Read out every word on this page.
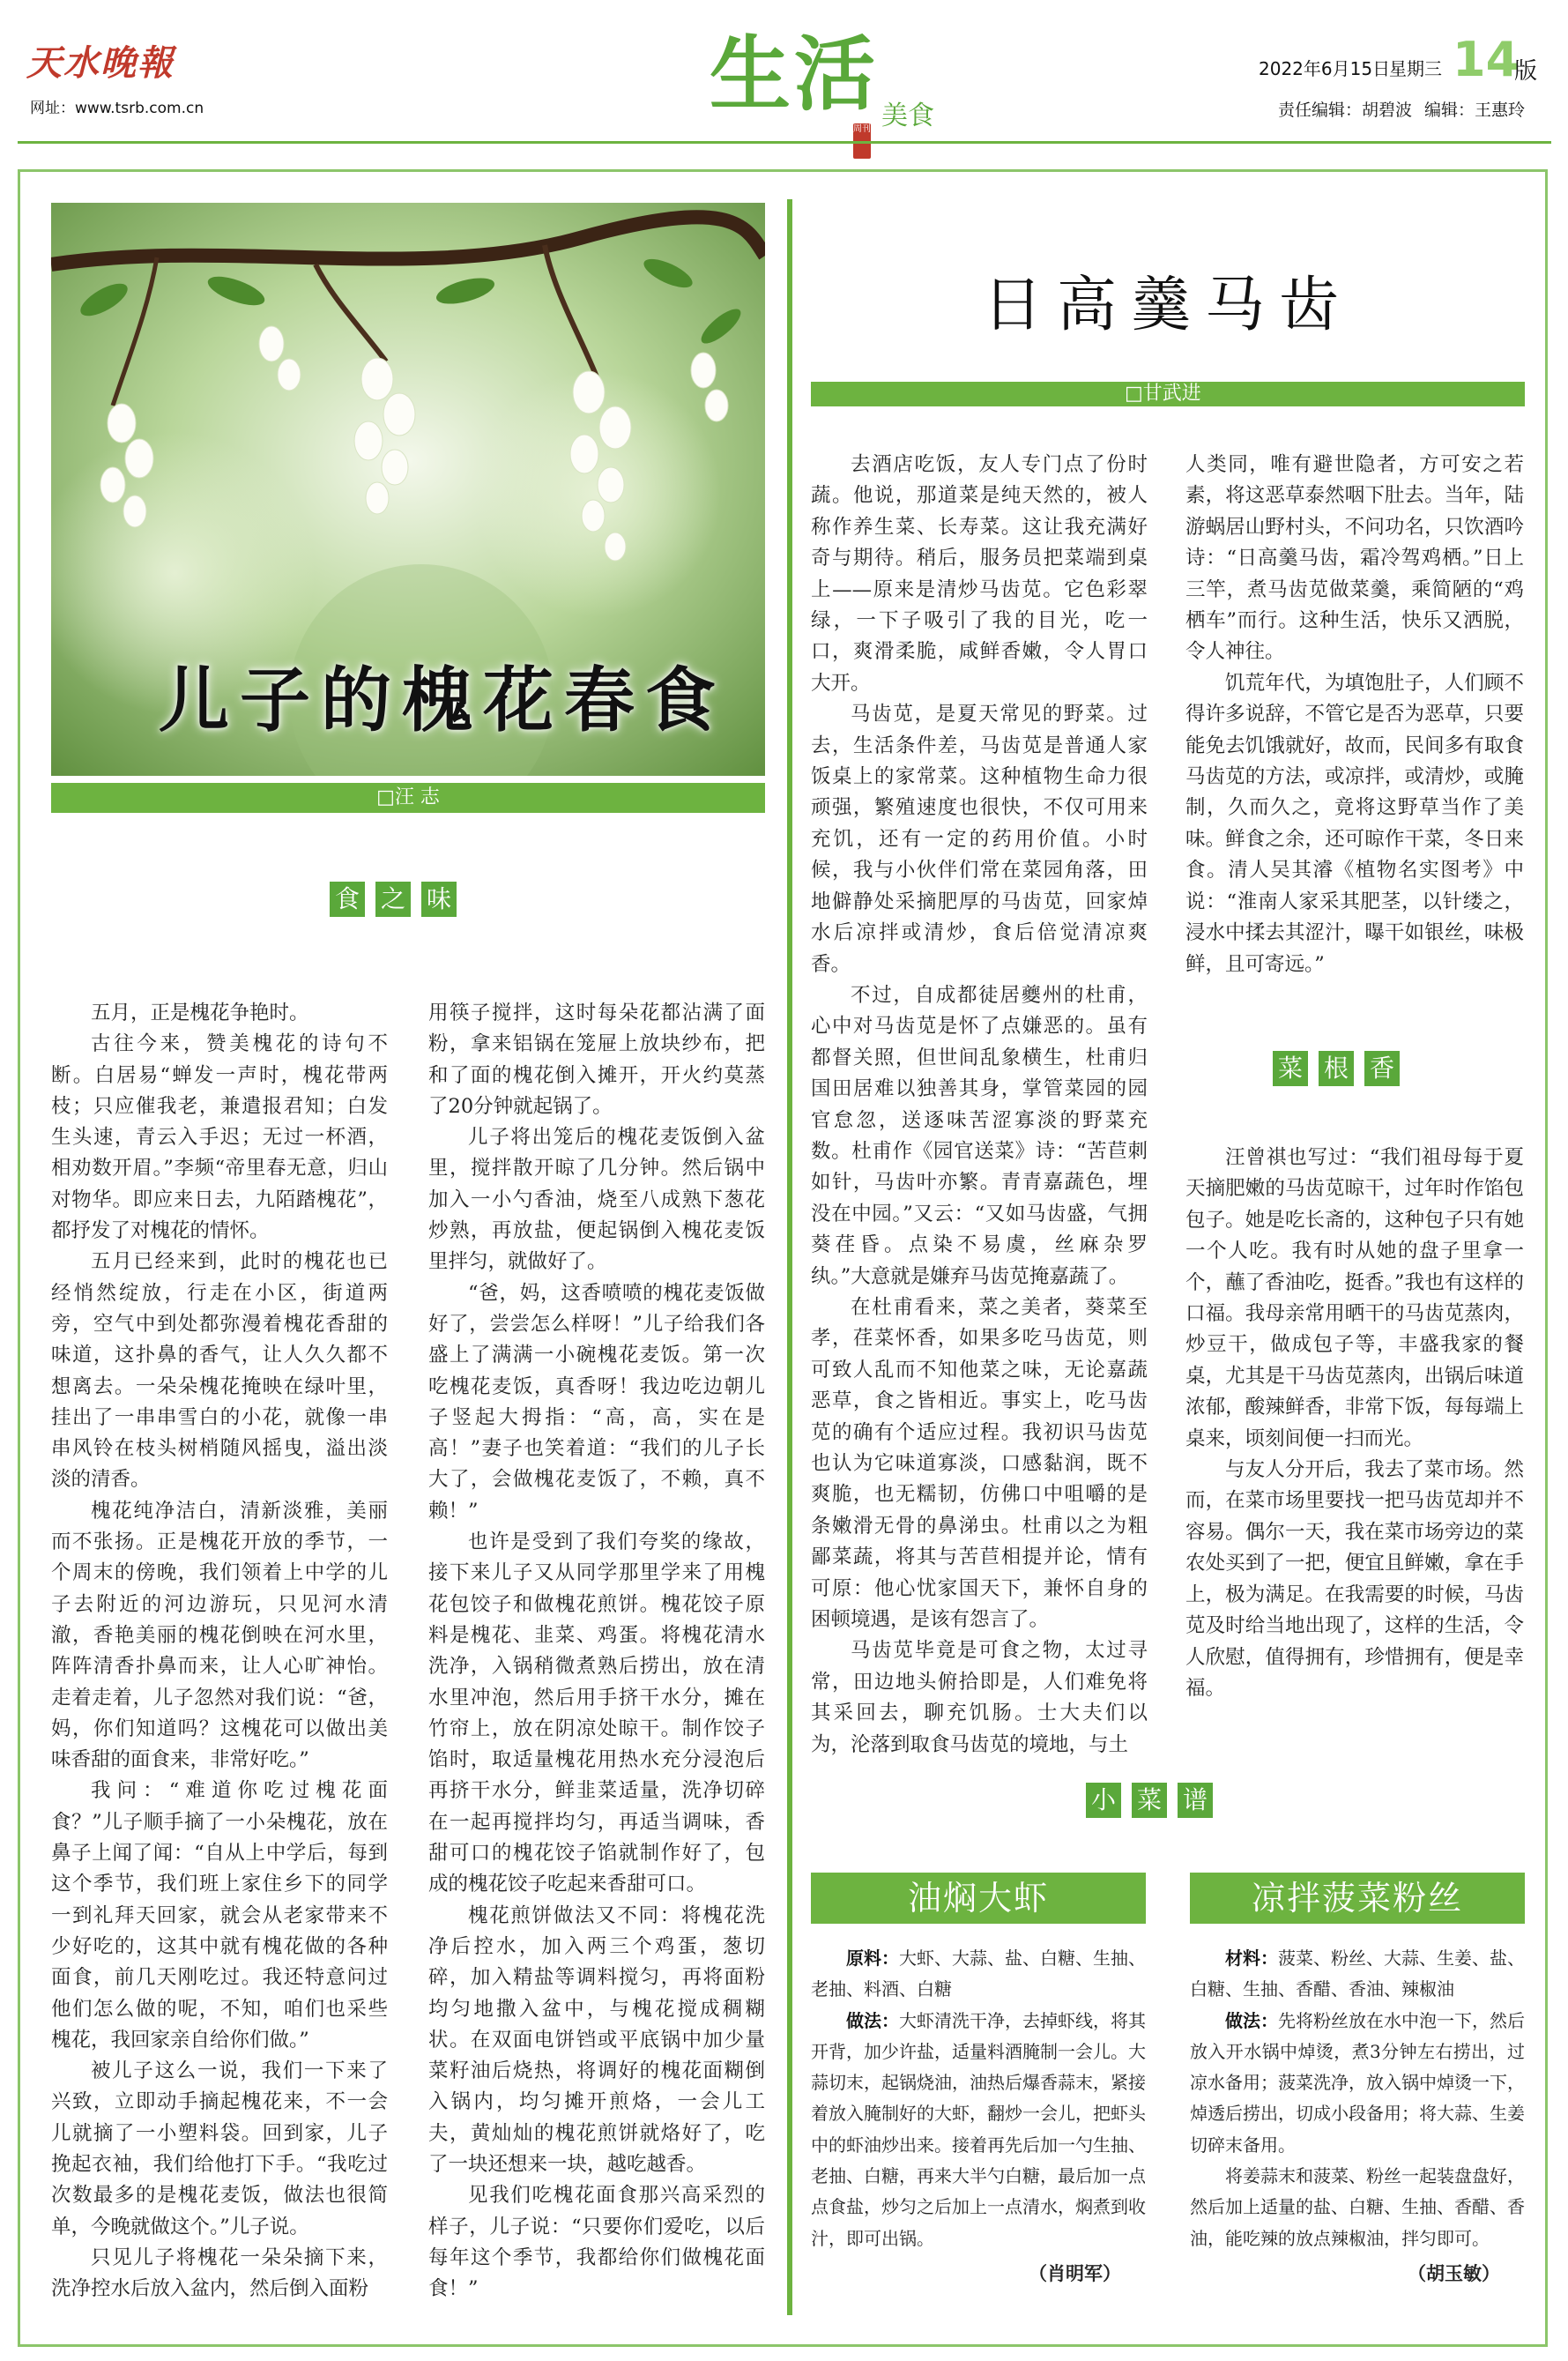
天水晚報
网址：www.tsrb.com.cn	生活
周刊 美食
2022年6月15日
星期三 14
版
责任编辑：胡碧波 编辑：王惠玲
儿子的槐花春食
□汪 志
食 之 味

五月，正是槐花争艳时。

古往今来，赞美槐花的诗句不断。白居易“蝉发一声时，槐花带两枝；只应催我老，兼遣报君知；白发生头速，青云入手迟；无过一杯酒，相劝数开眉。”李频“帝里春无意，归山对物华。即应来日去，九陌踏槐花”，都抒发了对槐花的情怀。

五月已经来到，此时的槐花也已经悄然绽放，行走在小区，街道两旁，空气中到处都弥漫着槐花香甜的味道，这扑鼻的香气，让人久久都不想离去。一朵朵槐花掩映在绿叶里，挂出了一串串雪白的小花，就像一串串风铃在枝头树梢随风摇曳，溢出淡淡的清香。

槐花纯净洁白，清新淡雅，美丽而不张扬。正是槐花开放的季节，一个周末的傍晚，我们领着上中学的儿子去附近的河边游玩，只见河水清澈，香艳美丽的槐花倒映在河水里，阵阵清香扑鼻而来，让人心旷神怡。走着走着，儿子忽然对我们说：“爸，妈，你们知道吗？这槐花可以做出美味香甜的面食来，非常好吃。”

我问：“难道你吃过槐花面食？”儿子顺手摘了一小朵槐花，放在鼻子上闻了闻：“自从上中学后，每到这个季节，我们班上家住乡下的同学一到礼拜天回家，就会从老家带来不少好吃的，这其中就有槐花做的各种面食，前几天刚吃过。我还特意问过他们怎么做的呢，不知，咱们也采些槐花，我回家亲自给你们做。”

被儿子这么一说，我们一下来了兴致，立即动手摘起槐花来，不一会儿就摘了一小塑料袋。回到家，儿子挽起衣袖，我们给他打下手。“我吃过次数最多的是槐花麦饭，做法也很简单，今晚就做这个。”儿子说。

只见儿子将槐花一朵朵摘下来，洗净控水后放入盆内，然后倒入面粉

用筷子搅拌，这时每朵花都沾满了面粉，拿来铝锅在笼屉上放块纱布，把和了面的槐花倒入摊开，开火约莫蒸了20分钟就起锅了。

儿子将出笼后的槐花麦饭倒入盆里，搅拌散开晾了几分钟。然后锅中加入一小勺香油，烧至八成熟下葱花炒熟，再放盐，便起锅倒入槐花麦饭里拌匀，就做好了。

“爸，妈，这香喷喷的槐花麦饭做好了，尝尝怎么样呀！”儿子给我们各盛上了满满一小碗槐花麦饭。第一次吃槐花麦饭，真香呀！我边吃边朝儿子竖起大拇指：“高，高，实在是高！”妻子也笑着道：“我们的儿子长大了，会做槐花麦饭了，不赖，真不赖！”

也许是受到了我们夸奖的缘故，接下来儿子又从同学那里学来了用槐花包饺子和做槐花煎饼。槐花饺子原料是槐花、韭菜、鸡蛋。将槐花清水洗净，入锅稍微煮熟后捞出，放在清水里冲泡，然后用手挤干水分，摊在竹帘上，放在阴凉处晾干。制作饺子馅时，取适量槐花用热水充分浸泡后再挤干水分，鲜韭菜适量，洗净切碎在一起再搅拌均匀，再适当调味，香甜可口的槐花饺子馅就制作好了，包成的槐花饺子吃起来香甜可口。

槐花煎饼做法又不同：将槐花洗净后控水，加入两三个鸡蛋，葱切碎，加入精盐等调料搅匀，再将面粉均匀地撒入盆中，与槐花搅成稠糊状。在双面电饼铛或平底锅中加少量菜籽油后烧热，将调好的槐花面糊倒入锅内，均匀摊开煎烙，一会儿工夫，黄灿灿的槐花煎饼就烙好了，吃了一块还想来一块，越吃越香。

见我们吃槐花面食那兴高采烈的样子，儿子说：“只要你们爱吃，以后每年这个季节，我都给你们做槐花面食！”

日高羹马齿
□甘武进

去酒店吃饭，友人专门点了份时蔬。他说，那道菜是纯天然的，被人称作养生菜、长寿菜。这让我充满好奇与期待。稍后，服务员把菜端到桌上——原来是清炒马齿苋。它色彩翠绿，一下子吸引了我的目光，吃一口，爽滑柔脆，咸鲜香嫩，令人胃口大开。

马齿苋，是夏天常见的野菜。过去，生活条件差，马齿苋是普通人家饭桌上的家常菜。这种植物生命力很顽强，繁殖速度也很快，不仅可用来充饥，还有一定的药用价值。小时候，我与小伙伴们常在菜园角落，田地僻静处采摘肥厚的马齿苋，回家焯水后凉拌或清炒，食后倍觉清凉爽香。

不过，自成都徒居夔州的杜甫，心中对马齿苋是怀了点嫌恶的。虽有都督关照，但世间乱象横生，杜甫归国田居难以独善其身，掌管菜园的园官怠忽，送逐味苦涩寡淡的野菜充数。杜甫作《园官送菜》诗：“苦苣刺如针，马齿叶亦繁。青青嘉蔬色，埋没在中园。”又云：“又如马齿盛，气拥葵荏昏。点染不易虞，丝麻杂罗纨。”大意就是嫌弃马齿苋掩嘉蔬了。

在杜甫看来，菜之美者，葵菜至孝，荏菜怀香，如果多吃马齿苋，则可致人乱而不知他菜之味，无论嘉蔬恶草，食之皆相近。事实上，吃马齿苋的确有个适应过程。我初识马齿苋也认为它味道寡淡，口感黏润，既不爽脆，也无糯韧，仿佛口中咀嚼的是条嫩滑无骨的鼻涕虫。杜甫以之为粗鄙菜蔬，将其与苦苣相提并论，情有可原：他心忧家国天下，兼怀自身的困顿境遇，是该有怨言了。

马齿苋毕竟是可食之物，太过寻常，田边地头俯拾即是，人们难免将其采回去，聊充饥肠。士大夫们以为，沦落到取食马齿苋的境地，与土

人类同，唯有避世隐者，方可安之若素，将这恶草泰然咽下肚去。当年，陆游蜗居山野村头，不问功名，只饮酒吟诗：“日高羹马齿，霜冷驾鸡栖。”日上三竿，煮马齿苋做菜羹，乘简陋的“鸡栖车”而行。这种生活，快乐又洒脱，令人神往。

饥荒年代，为填饱肚子，人们顾不得许多说辞，不管它是否为恶草，只要能免去饥饿就好，故而，民间多有取食马齿苋的方法，或凉拌，或清炒，或腌制，久而久之，竟将这野草当作了美味。鲜食之余，还可晾作干菜，冬日来食。清人吴其濬《植物名实图考》中说：“淮南人家采其肥茎，以针缕之，浸水中揉去其涩汁，曝干如银丝，味极鲜，且可寄远。”

菜 根 香

汪曾祺也写过：“我们祖母每于夏天摘肥嫩的马齿苋晾干，过年时作馅包包子。她是吃长斋的，这种包子只有她一个人吃。我有时从她的盘子里拿一个，蘸了香油吃，挺香。”我也有这样的口福。我母亲常用晒干的马齿苋蒸肉，炒豆干，做成包子等，丰盛我家的餐桌，尤其是干马齿苋蒸肉，出锅后味道浓郁，酸辣鲜香，非常下饭，每每端上桌来，顷刻间便一扫而光。

与友人分开后，我去了菜市场。然而，在菜市场里要找一把马齿苋却并不容易。偶尔一天，我在菜市场旁边的菜农处买到了一把，便宜且鲜嫩，拿在手上，极为满足。在我需要的时候，马齿苋及时给当地出现了，这样的生活，令人欣慰，值得拥有，珍惜拥有，便是幸福。

小 菜 谱
油焖大虾

原料：大虾、大蒜、盐、白糖、生抽、老抽、料酒、白糖

做法：大虾清洗干净，去掉虾线，将其开背，加少许盐，适量料酒腌制一会儿。大蒜切末，起锅烧油，油热后爆香蒜末，紧接着放入腌制好的大虾，翻炒一会儿，把虾头中的虾油炒出来。接着再先后加一勺生抽、老抽、白糖，再来大半勺白糖，最后加一点点食盐，炒匀之后加上一点清水，焖煮到收汁，即可出锅。

（肖明军）
凉拌菠菜粉丝

材料：菠菜、粉丝、大蒜、生姜、盐、白糖、生抽、香醋、香油、辣椒油

做法：先将粉丝放在水中泡一下，然后放入开水锅中焯烫，煮3分钟左右捞出，过凉水备用；菠菜洗净，放入锅中焯烫一下，焯透后捞出，切成小段备用；将大蒜、生姜切碎末备用。

将姜蒜末和菠菜、粉丝一起装盘盘好，然后加上适量的盐、白糖、生抽、香醋、香油，能吃辣的放点辣椒油，拌匀即可。

（胡玉敏）
